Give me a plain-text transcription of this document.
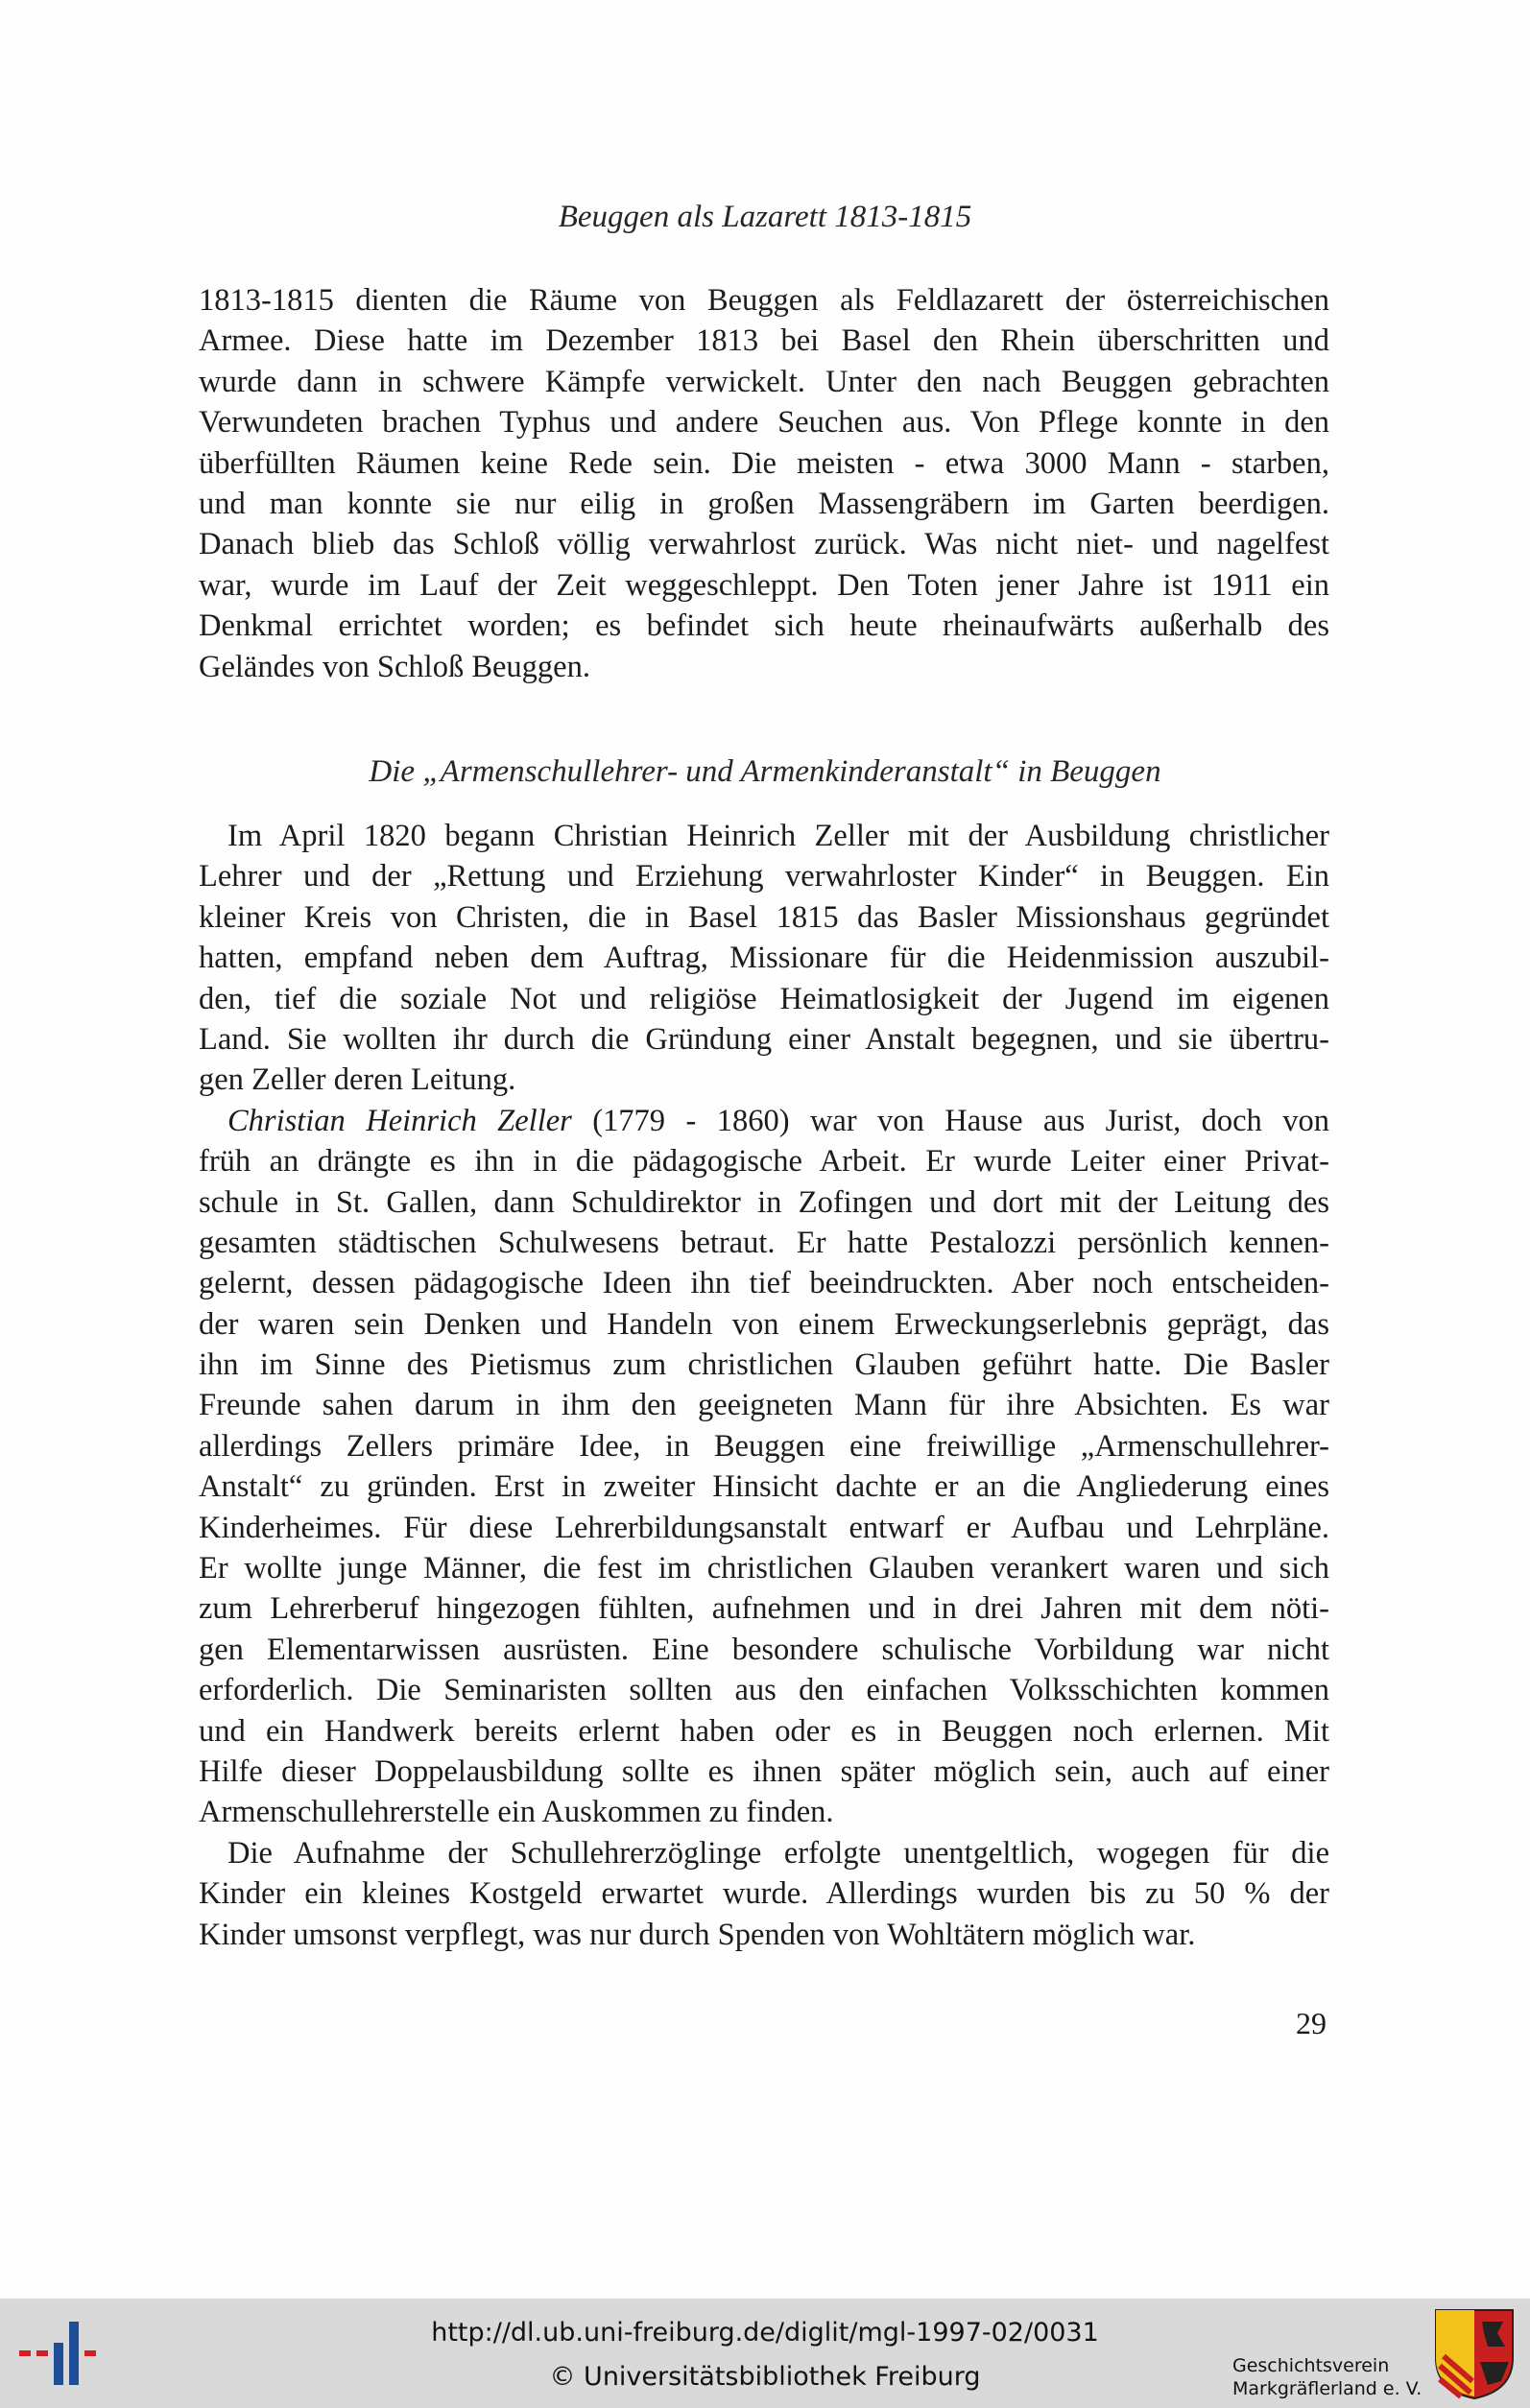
Beuggen als Lazarett 1813-1815
1813-1815 dienten die Räume von Beuggen als Feldlazarett der österreichischen
Armee. Diese hatte im Dezember 1813 bei Basel den Rhein überschritten und
wurde dann in schwere Kämpfe verwickelt. Unter den nach Beuggen gebrachten
Verwundeten brachen Typhus und andere Seuchen aus. Von Pflege konnte in den
überfüllten Räumen keine Rede sein. Die meisten - etwa 3000 Mann - starben,
und man konnte sie nur eilig in großen Massengräbern im Garten beerdigen.
Danach blieb das Schloß völlig verwahrlost zurück. Was nicht niet- und nagelfest
war, wurde im Lauf der Zeit weggeschleppt. Den Toten jener Jahre ist 1911 ein
Denkmal errichtet worden; es befindet sich heute rheinaufwärts außerhalb des
Geländes von Schloß Beuggen.
Die „Armenschullehrer- und Armenkinderanstalt“ in Beuggen
Im April 1820 begann Christian Heinrich Zeller mit der Ausbildung christlicher
Lehrer und der „Rettung und Erziehung verwahrloster Kinder“ in Beuggen. Ein
kleiner Kreis von Christen, die in Basel 1815 das Basler Missionshaus gegründet
hatten, empfand neben dem Auftrag, Missionare für die Heidenmission auszubil-
den, tief die soziale Not und religiöse Heimatlosigkeit der Jugend im eigenen
Land. Sie wollten ihr durch die Gründung einer Anstalt begegnen, und sie übertru-
gen Zeller deren Leitung.
Christian Heinrich Zeller (1779 - 1860) war von Hause aus Jurist, doch von
früh an drängte es ihn in die pädagogische Arbeit. Er wurde Leiter einer Privat-
schule in St. Gallen, dann Schuldirektor in Zofingen und dort mit der Leitung des
gesamten städtischen Schulwesens betraut. Er hatte Pestalozzi persönlich kennen-
gelernt, dessen pädagogische Ideen ihn tief beeindruckten. Aber noch entscheiden-
der waren sein Denken und Handeln von einem Erweckungserlebnis geprägt, das
ihn im Sinne des Pietismus zum christlichen Glauben geführt hatte. Die Basler
Freunde sahen darum in ihm den geeigneten Mann für ihre Absichten. Es war
allerdings Zellers primäre Idee, in Beuggen eine freiwillige „Armenschullehrer-
Anstalt“ zu gründen. Erst in zweiter Hinsicht dachte er an die Angliederung eines
Kinderheimes. Für diese Lehrerbildungsanstalt entwarf er Aufbau und Lehrpläne.
Er wollte junge Männer, die fest im christlichen Glauben verankert waren und sich
zum Lehrerberuf hingezogen fühlten, aufnehmen und in drei Jahren mit dem nöti-
gen Elementarwissen ausrüsten. Eine besondere schulische Vorbildung war nicht
erforderlich. Die Seminaristen sollten aus den einfachen Volksschichten kommen
und ein Handwerk bereits erlernt haben oder es in Beuggen noch erlernen. Mit
Hilfe dieser Doppelausbildung sollte es ihnen später möglich sein, auch auf einer
Armenschullehrerstelle ein Auskommen zu finden.
Die Aufnahme der Schullehrerzöglinge erfolgte unentgeltlich, wogegen für die
Kinder ein kleines Kostgeld erwartet wurde. Allerdings wurden bis zu 50 % der
Kinder umsonst verpflegt, was nur durch Spenden von Wohltätern möglich war.
29
http://dl.ub.uni-freiburg.de/diglit/mgl-1997-02/0031
© Universitätsbibliothek Freiburg	Geschichtsverein
Markgräflerland e. V.
